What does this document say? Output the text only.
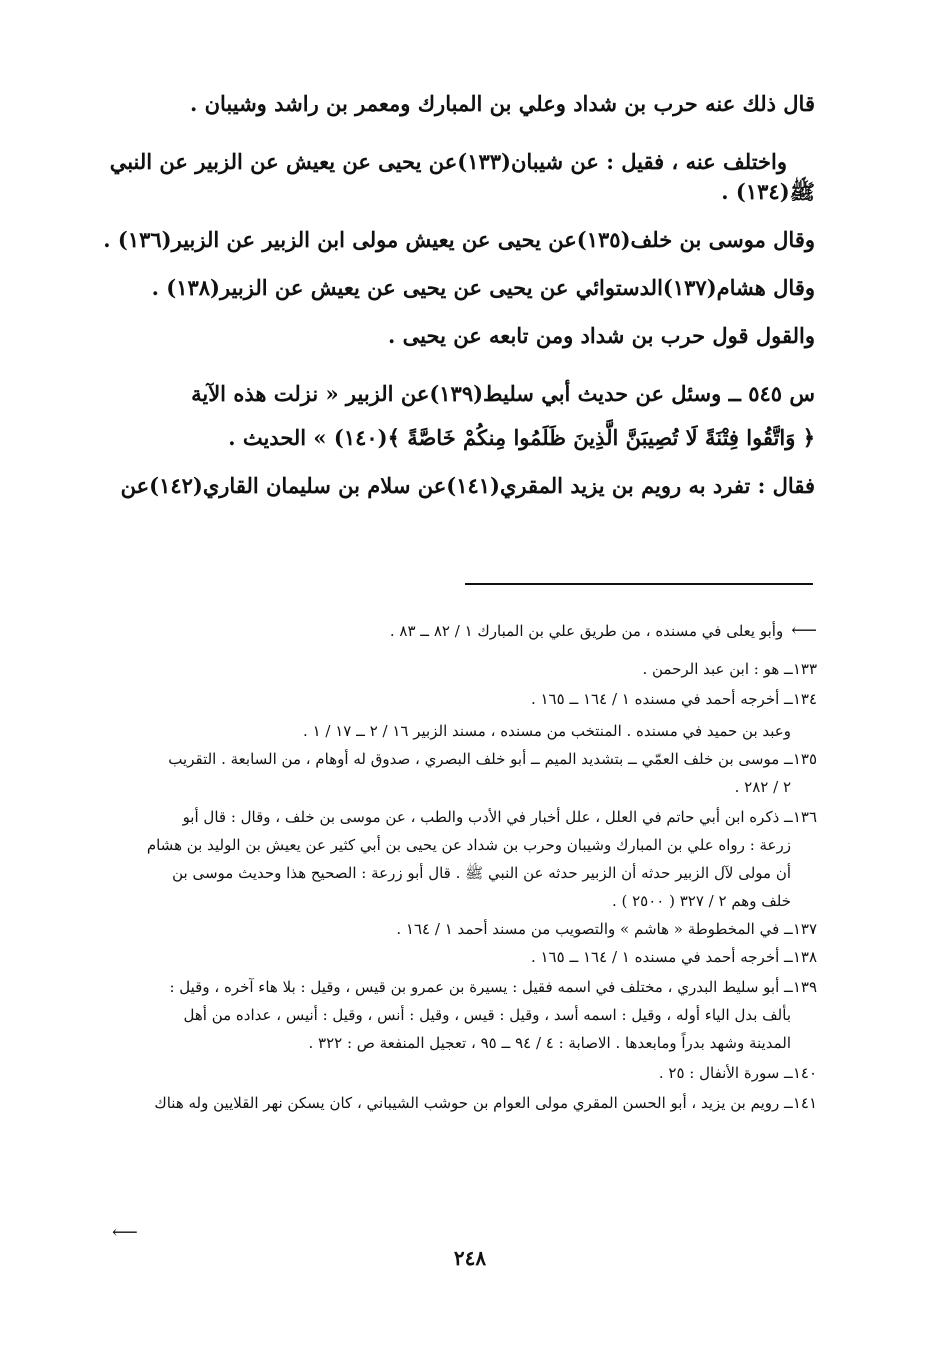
قال ذلك عنه حرب بن شداد وعلي بن المبارك ومعمر بن راشد وشيبان .
واختلف عنه ، فقيل : عن شيبان(١٣٣)عن يحيى عن يعيش عن الزبير عن النبي
ﷺ(١٣٤) .
وقال موسى بن خلف(١٣٥)عن يحيى عن يعيش مولى ابن الزبير عن الزبير(١٣٦) .
وقال هشام(١٣٧)الدستوائي عن يحيى عن يحيى عن يعيش عن الزبير(١٣٨) .
والقول قول حرب بن شداد ومن تابعه عن يحيى .
س ٥٤٥ ــ وسئل عن حديث أبي سليط(١٣٩)عن الزبير « نزلت هذه الآية
﴿ وَاتَّقُوا فِتْنَةً لَا تُصِيبَنَّ الَّذِينَ ظَلَمُوا مِنكُمْ خَاصَّةً ﴾(١٤٠) » الحديث .
فقال : تفرد به رويم بن يزيد المقري(١٤١)عن سلام بن سليمان القاري(١٤٢)عن
⟵وأبو يعلى في مسنده ، من طريق علي بن المبارك ١ / ٨٢ ــ ٨٣ .
١٣٣ــ هو : ابن عبد الرحمن .
١٣٤ــ أخرجه أحمد في مسنده ١ / ١٦٤ ــ ١٦٥ .
وعبد بن حميد في مسنده . المنتخب من مسنده ، مسند الزبير ١٦ / ٢ ــ ١٧ / ١ .
١٣٥ــ موسى بن خلف العمّي ــ بتشديد الميم ــ أبو خلف البصري ، صدوق له أوهام ، من السابعة . التقريب
٢ / ٢٨٢ .
١٣٦ــ ذكره ابن أبي حاتم في العلل ، علل أخبار في الأدب والطب ، عن موسى بن خلف ، وقال : قال أبو
زرعة : رواه علي بن المبارك وشيبان وحرب بن شداد عن يحيى بن أبي كثير عن يعيش بن الوليد بن هشام
أن مولى لآل الزبير حدثه أن الزبير حدثه عن النبي ﷺ . قال أبو زرعة : الصحيح هذا وحديث موسى بن
خلف وهم ٢ / ٣٢٧ ( ٢٥٠٠ ) .
١٣٧ــ في المخطوطة « هاشم » والتصويب من مسند أحمد ١ / ١٦٤ .
١٣٨ــ أخرجه أحمد في مسنده ١ / ١٦٤ ــ ١٦٥ .
١٣٩ــ أبو سليط البدري ، مختلف في اسمه فقيل : يسيرة بن عمرو بن قيس ، وقيل : بلا هاء آخره ، وقيل :
بألف بدل الياء أوله ، وقيل : اسمه أسد ، وقيل : قيس ، وقيل : أنس ، وقيل : أنيس ، عداده من أهل
المدينة وشهد بدراً ومابعدها . الاصابة : ٤ / ٩٤ ــ ٩٥ ، تعجيل المنفعة ص : ٣٢٢ .
١٤٠ــ سورة الأنفال : ٢٥ .
١٤١ــ رويم بن يزيد ، أبو الحسن المقري مولى العوام بن حوشب الشيباني ، كان يسكن نهر القلايين وله هناك
⟵
٢٤٨
